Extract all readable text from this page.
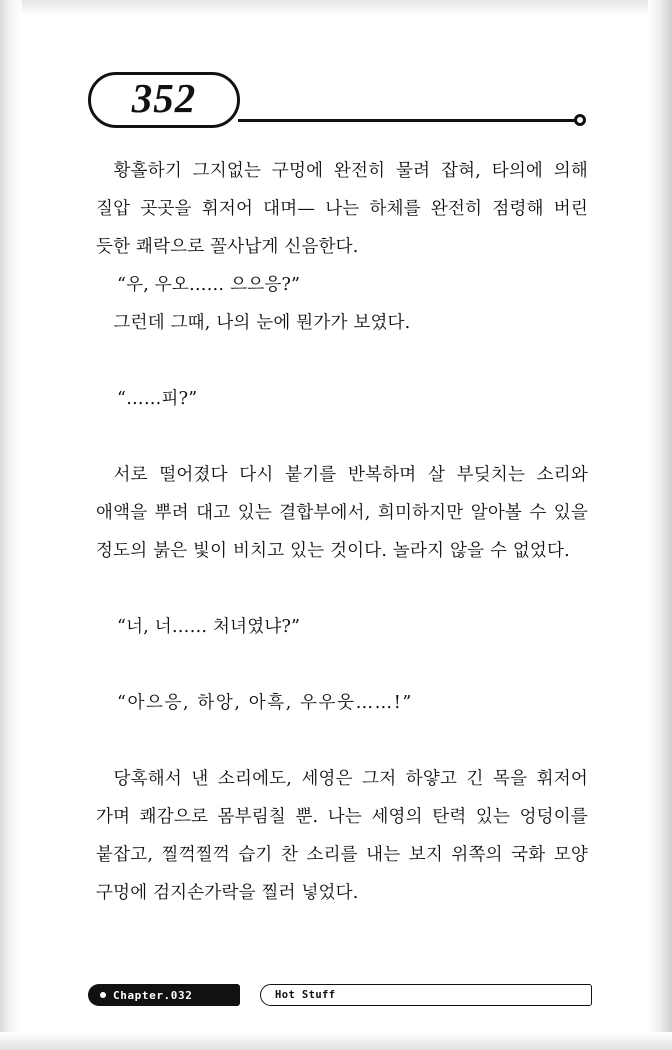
352

황홀하기 그지없는 구멍에 완전히 물려 잡혀, 타의에 의해 질압 곳곳을 휘저어 대며— 나는 하체를 완전히 점령해 버린 듯한 쾌락으로 꼴사납게 신음한다.

“우, 우오…… 으으응?”

그런데 그때, 나의 눈에 뭔가가 보였다.

“……피?”

서로 떨어졌다 다시 붙기를 반복하며 살 부딪치는 소리와 애액을 뿌려 대고 있는 결합부에서, 희미하지만 알아볼 수 있을 정도의 붉은 빛이 비치고 있는 것이다. 놀라지 않을 수 없었다.

“너, 너…… 처녀였냐?”

“아으응, 하앙, 아흑, 우우웃……!”

당혹해서 낸 소리에도, 세영은 그저 하얗고 긴 목을 휘저어 가며 쾌감으로 몸부림칠 뿐. 나는 세영의 탄력 있는 엉덩이를 붙잡고, 찔꺽찔꺽 습기 찬 소리를 내는 보지 위쪽의 국화 모양 구멍에 검지손가락을 찔러 넣었다.

Chapter.032	Hot Stuff
